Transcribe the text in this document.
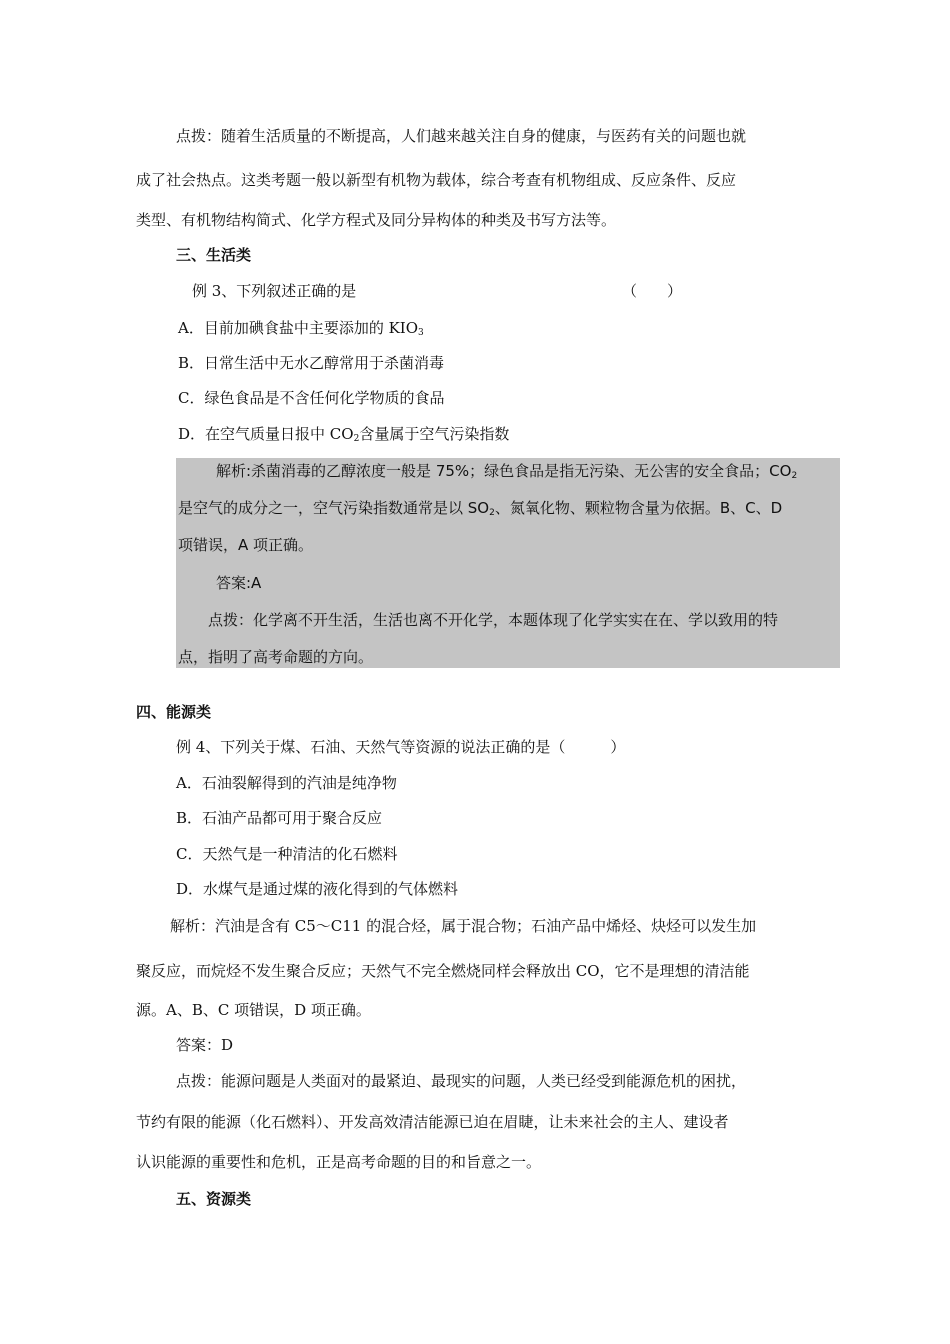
点拨：随着生活质量的不断提高，人们越来越关注自身的健康，与医药有关的问题也就
成了社会热点。这类考题一般以新型有机物为载体，综合考查有机物组成、反应条件、反应
类型、有机物结构简式、化学方程式及同分异构体的种类及书写方法等。
三、生活类
例 3、下列叙述正确的是	（　　）
A．目前加碘食盐中主要添加的 $KIO_3$
B．日常生活中无水乙醇常用于杀菌消毒
C．绿色食品是不含任何化学物质的食品
D．在空气质量日报中 $CO_2$含量属于空气污染指数
解析:杀菌消毒的乙醇浓度一般是 75%；绿色食品是指无污染、无公害的安全食品；$CO_2$
是空气的成分之一，空气污染指数通常是以 $SO_2$、氮氧化物、颗粒物含量为依据。B、C、D
项错误，A 项正确。
答案:A
点拨：化学离不开生活，生活也离不开化学，本题体现了化学实实在在、学以致用的特
点，指明了高考命题的方向。
四、能源类
例 4、下列关于煤、石油、天然气等资源的说法正确的是（　　　）
A．石油裂解得到的汽油是纯净物
B．石油产品都可用于聚合反应
C．天然气是一种清洁的化石燃料
D．水煤气是通过煤的液化得到的气体燃料
解析：汽油是含有 C5～C11 的混合烃，属于混合物；石油产品中烯烃、炔烃可以发生加
聚反应，而烷烃不发生聚合反应；天然气不完全燃烧同样会释放出 CO，它不是理想的清洁能
源。A、B、C 项错误，D 项正确。
答案：D
点拨：能源问题是人类面对的最紧迫、最现实的问题，人类已经受到能源危机的困扰，
节约有限的能源（化石燃料）、开发高效清洁能源已迫在眉睫，让未来社会的主人、建设者
认识能源的重要性和危机，正是高考命题的目的和旨意之一。
五、资源类
